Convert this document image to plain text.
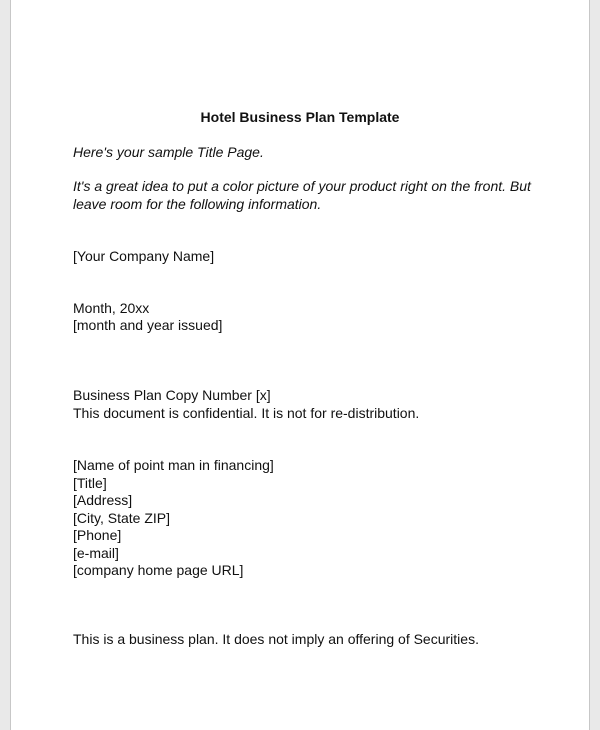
Hotel Business Plan Template

Here's your sample Title Page.

It's a great idea to put a color picture of your product right on the front. But

leave room for the following information.

[Your Company Name]

Month, 20xx

[month and year issued]

Business Plan Copy Number [x]

This document is confidential. It is not for re-distribution.

[Name of point man in financing]
[Title]
[Address]
[City, State ZIP]
[Phone]
[e-mail]
[company home page URL]

This is a business plan. It does not imply an offering of Securities.
